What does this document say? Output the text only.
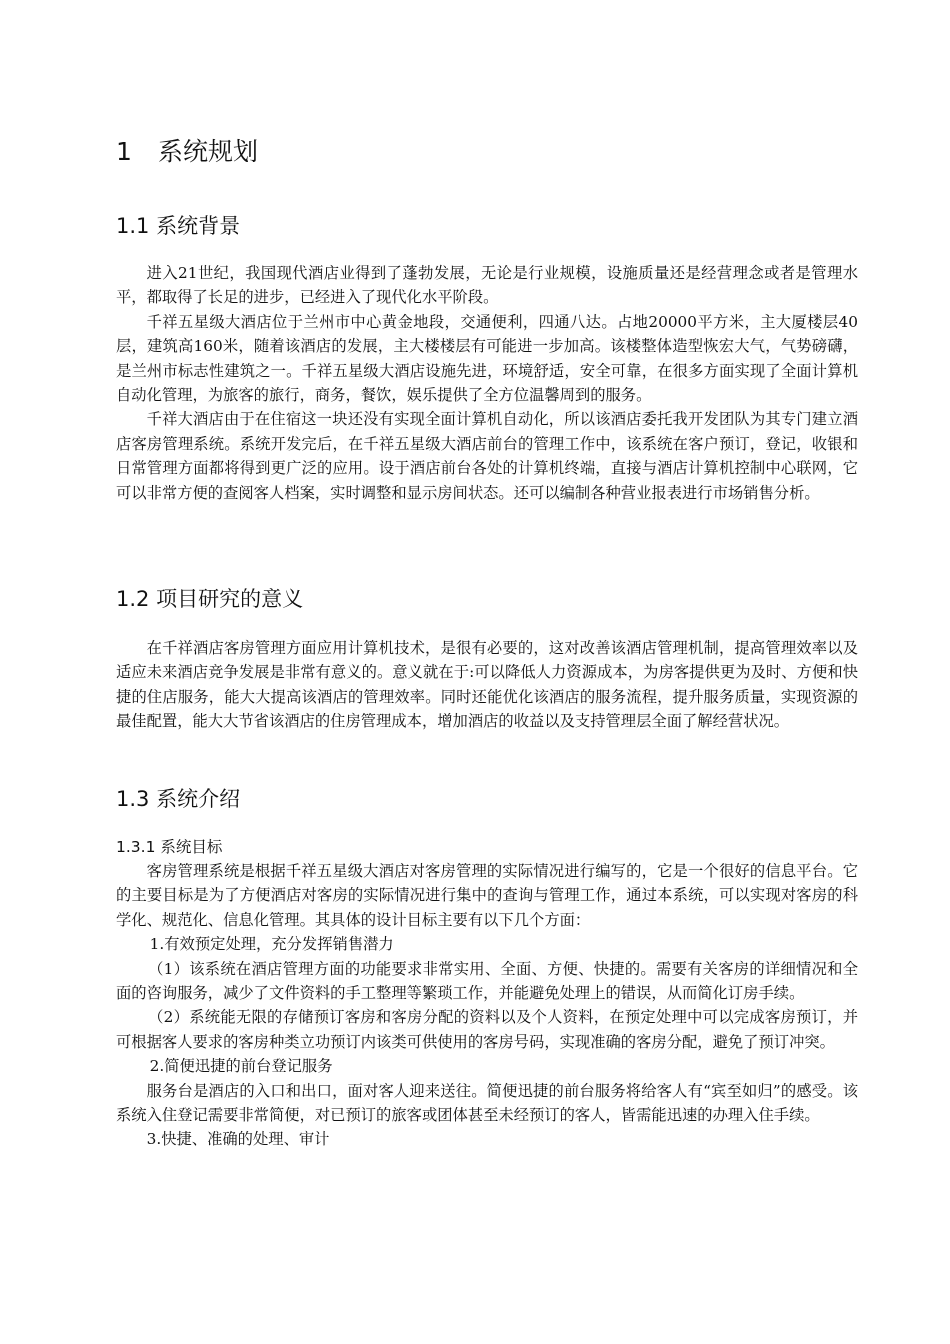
1 系统规划
1.1 系统背景

进入21世纪，我国现代酒店业得到了蓬勃发展，无论是行业规模，设施质量还是经营理念或者是管理水平，都取得了长足的进步，已经进入了现代化水平阶段。

千祥五星级大酒店位于兰州市中心黄金地段，交通便利，四通八达。占地20000平方米，主大厦楼层40层，建筑高160米，随着该酒店的发展，主大楼楼层有可能进一步加高。该楼整体造型恢宏大气，气势磅礴，是兰州市标志性建筑之一。千祥五星级大酒店设施先进，环境舒适，安全可靠，在很多方面实现了全面计算机自动化管理，为旅客的旅行，商务，餐饮，娱乐提供了全方位温馨周到的服务。

千祥大酒店由于在住宿这一块还没有实现全面计算机自动化，所以该酒店委托我开发团队为其专门建立酒店客房管理系统。系统开发完后，在千祥五星级大酒店前台的管理工作中，该系统在客户预订，登记，收银和日常管理方面都将得到更广泛的应用。设于酒店前台各处的计算机终端，直接与酒店计算机控制中心联网，它可以非常方便的查阅客人档案，实时调整和显示房间状态。还可以编制各种营业报表进行市场销售分析。

1.2 项目研究的意义

在千祥酒店客房管理方面应用计算机技术，是很有必要的，这对改善该酒店管理机制，提高管理效率以及适应未来酒店竞争发展是非常有意义的。意义就在于:可以降低人力资源成本，为房客提供更为及时、方便和快捷的住店服务，能大大提高该酒店的管理效率。同时还能优化该酒店的服务流程，提升服务质量，实现资源的最佳配置，能大大节省该酒店的住房管理成本，增加酒店的收益以及支持管理层全面了解经营状况。

1.3 系统介绍
1.3.1 系统目标

客房管理系统是根据千祥五星级大酒店对客房管理的实际情况进行编写的，它是一个很好的信息平台。它的主要目标是为了方便酒店对客房的实际情况进行集中的查询与管理工作，通过本系统，可以实现对客房的科学化、规范化、信息化管理。其具体的设计目标主要有以下几个方面：

1.有效预定处理，充分发挥销售潜力

（1）该系统在酒店管理方面的功能要求非常实用、全面、方便、快捷的。需要有关客房的详细情况和全面的咨询服务，减少了文件资料的手工整理等繁琐工作，并能避免处理上的错误，从而简化订房手续。

（2）系统能无限的存储预订客房和客房分配的资料以及个人资料，在预定处理中可以完成客房预订，并可根据客人要求的客房种类立功预订内该类可供使用的客房号码，实现准确的客房分配，避免了预订冲突。

2.简便迅捷的前台登记服务

服务台是酒店的入口和出口，面对客人迎来送往。简便迅捷的前台服务将给客人有“宾至如归”的感受。该系统入住登记需要非常简便，对已预订的旅客或团体甚至未经预订的客人，皆需能迅速的办理入住手续。

3.快捷、准确的处理、审计
